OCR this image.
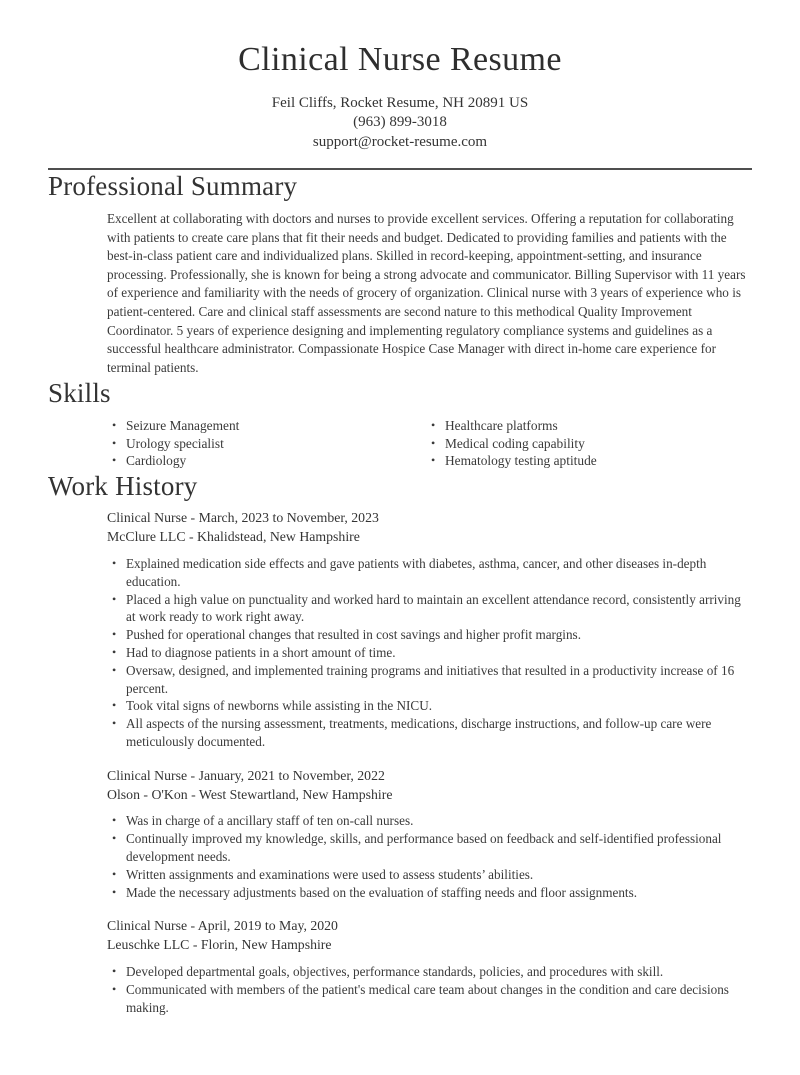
Clinical Nurse Resume
Feil Cliffs, Rocket Resume, NH 20891 US
(963) 899-3018
support@rocket-resume.com
Professional Summary

Excellent at collaborating with doctors and nurses to provide excellent services. Offering a reputation for collaborating with patients to create care plans that fit their needs and budget. Dedicated to providing families and patients with the best-in-class patient care and individualized plans. Skilled in record-keeping, appointment-setting, and insurance processing. Professionally, she is known for being a strong advocate and communicator. Billing Supervisor with 11 years of experience and familiarity with the needs of grocery of organization. Clinical nurse with 3 years of experience who is patient-centered. Care and clinical staff assessments are second nature to this methodical Quality Improvement Coordinator. 5 years of experience designing and implementing regulatory compliance systems and guidelines as a successful healthcare administrator. Compassionate Hospice Case Manager with direct in-home care experience for terminal patients.

Skills
• Seizure Management
• Urology specialist
• Cardiology
• Healthcare platforms
• Medical coding capability
• Hematology testing aptitude
Work History
Clinical Nurse - March, 2023 to November, 2023
McClure LLC - Khalidstead, New Hampshire
• Explained medication side effects and gave patients with diabetes, asthma, cancer, and other diseases in-depth education.
• Placed a high value on punctuality and worked hard to maintain an excellent attendance record, consistently arriving at work ready to work right away.
• Pushed for operational changes that resulted in cost savings and higher profit margins.
• Had to diagnose patients in a short amount of time.
• Oversaw, designed, and implemented training programs and initiatives that resulted in a productivity increase of 16 percent.
• Took vital signs of newborns while assisting in the NICU.
• All aspects of the nursing assessment, treatments, medications, discharge instructions, and follow-up care were meticulously documented.
Clinical Nurse - January, 2021 to November, 2022
Olson - O'Kon - West Stewartland, New Hampshire
• Was in charge of a ancillary staff of ten on-call nurses.
• Continually improved my knowledge, skills, and performance based on feedback and self-identified professional development needs.
• Written assignments and examinations were used to assess students’ abilities.
• Made the necessary adjustments based on the evaluation of staffing needs and floor assignments.
Clinical Nurse - April, 2019 to May, 2020
Leuschke LLC - Florin, New Hampshire
• Developed departmental goals, objectives, performance standards, policies, and procedures with skill.
• Communicated with members of the patient's medical care team about changes in the condition and care decisions making.
